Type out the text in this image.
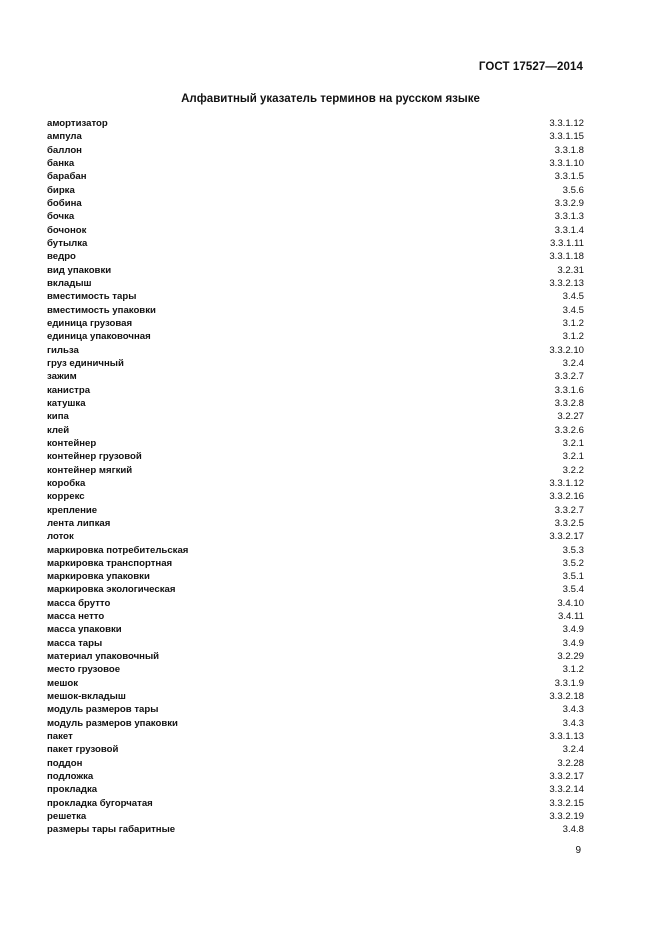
ГОСТ 17527—2014
Алфавитный указатель терминов на русском языке
амортизатор	3.3.1.12
ампула	3.3.1.15
баллон	3.3.1.8
банка	3.3.1.10
барабан	3.3.1.5
бирка	3.5.6
бобина	3.3.2.9
бочка	3.3.1.3
бочонок	3.3.1.4
бутылка	3.3.1.11
ведро	3.3.1.18
вид упаковки	3.2.31
вкладыш	3.3.2.13
вместимость тары	3.4.5
вместимость упаковки	3.4.5
единица грузовая	3.1.2
единица упаковочная	3.1.2
гильза	3.3.2.10
груз единичный	3.2.4
зажим	3.3.2.7
канистра	3.3.1.6
катушка	3.3.2.8
кипа	3.2.27
клей	3.3.2.6
контейнер	3.2.1
контейнер грузовой	3.2.1
контейнер мягкий	3.2.2
коробка	3.3.1.12
коррекс	3.3.2.16
крепление	3.3.2.7
лента липкая	3.3.2.5
лоток	3.3.2.17
маркировка потребительская	3.5.3
маркировка транспортная	3.5.2
маркировка упаковки	3.5.1
маркировка экологическая	3.5.4
масса брутто	3.4.10
масса нетто	3.4.11
масса упаковки	3.4.9
масса тары	3.4.9
материал упаковочный	3.2.29
место грузовое	3.1.2
мешок	3.3.1.9
мешок-вкладыш	3.3.2.18
модуль размеров тары	3.4.3
модуль размеров упаковки	3.4.3
пакет	3.3.1.13
пакет грузовой	3.2.4
поддон	3.2.28
подложка	3.3.2.17
прокладка	3.3.2.14
прокладка бугорчатая	3.3.2.15
решетка	3.3.2.19
размеры тары габаритные	3.4.8
9
